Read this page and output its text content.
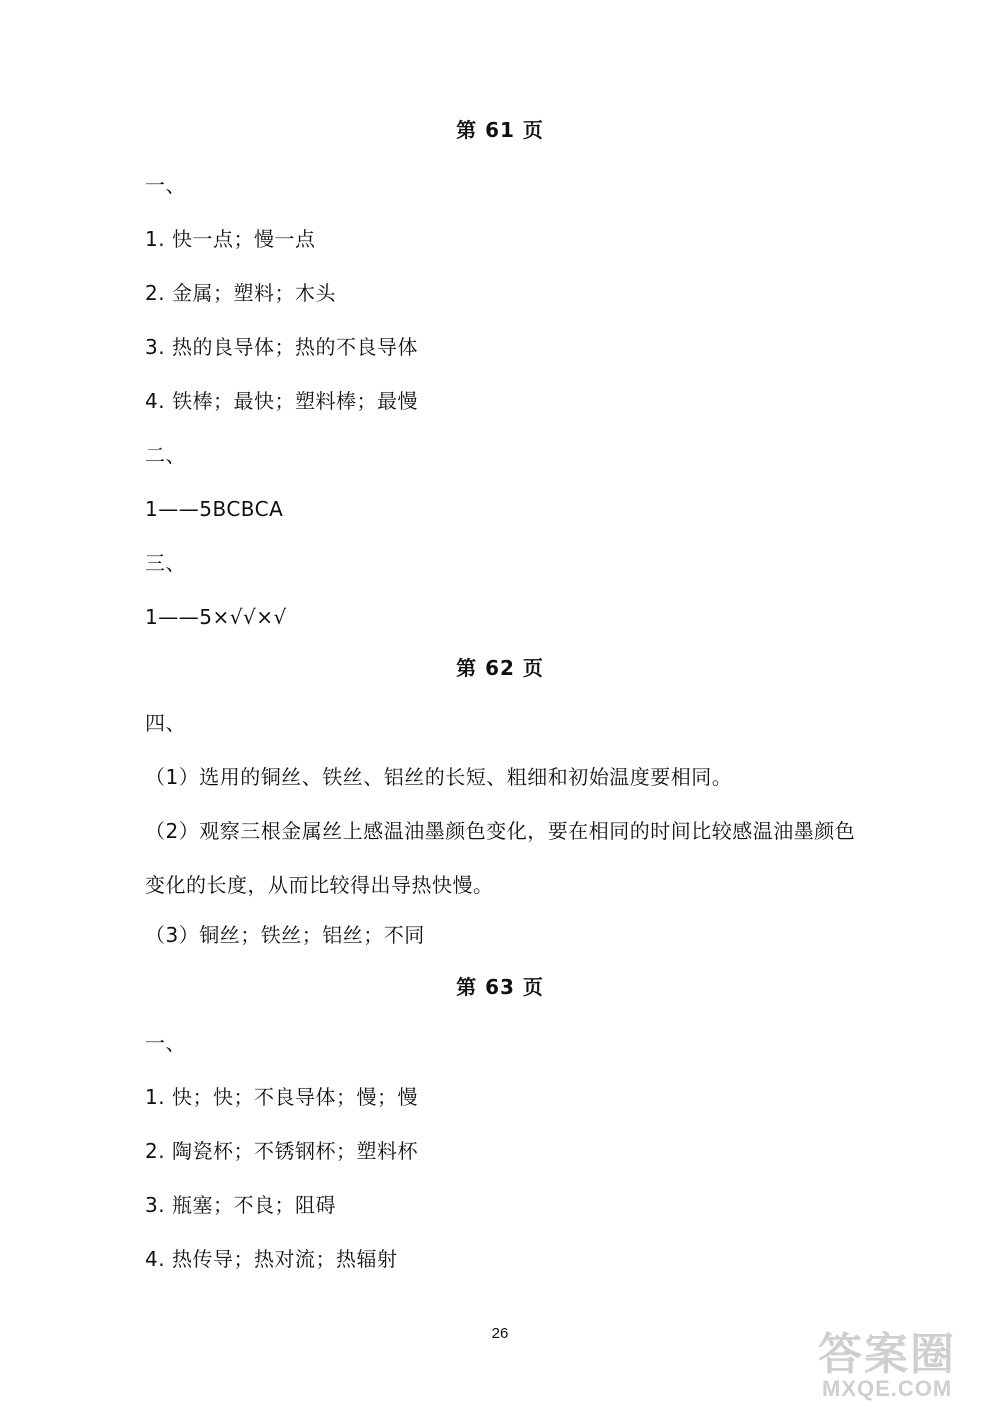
第 61 页
一、
1. 快一点；慢一点
2. 金属；塑料；木头
3. 热的良导体；热的不良导体
4. 铁棒；最快；塑料棒；最慢
二、
1——5BCBCA
三、
1——5×√√×√
第 62 页
四、
（1）选用的铜丝、铁丝、铝丝的长短、粗细和初始温度要相同。
（2）观察三根金属丝上感温油墨颜色变化，要在相同的时间比较感温油墨颜色
变化的长度，从而比较得出导热快慢。
（3）铜丝；铁丝；铝丝；不同
第 63 页
一、
1. 快；快；不良导体；慢；慢
2. 陶瓷杯；不锈钢杯；塑料杯
3. 瓶塞；不良；阻碍
4. 热传导；热对流；热辐射
26	答案圈
MXQE.COM
